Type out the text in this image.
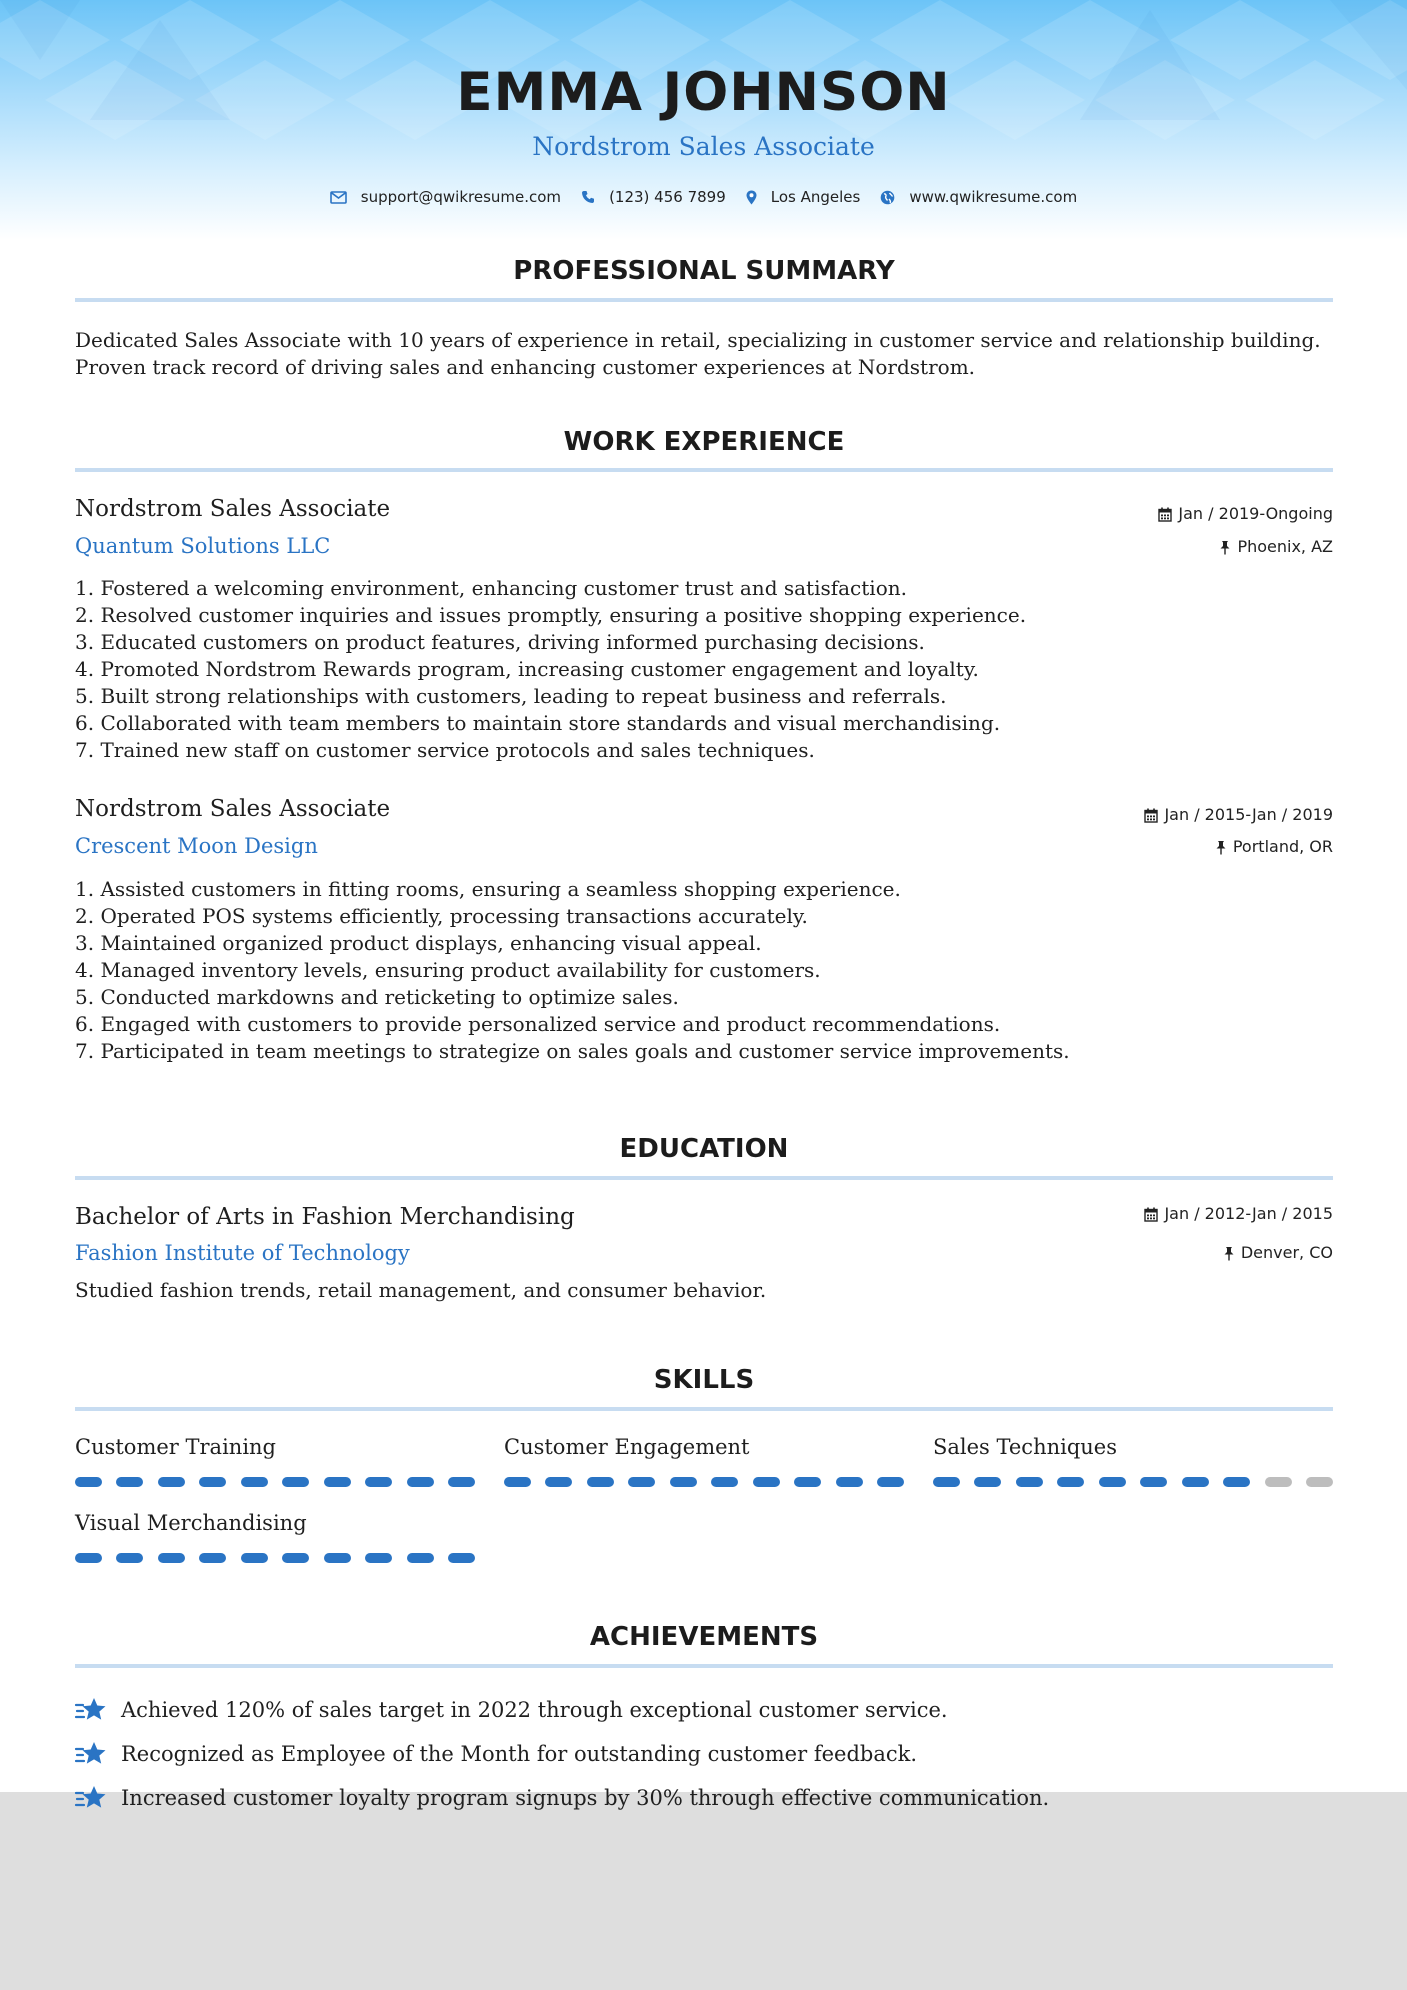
EMMA JOHNSON
Nordstrom Sales Associate
support@qwikresume.com	(123) 456 7899	Los Angeles	www.qwikresume.com
PROFESSIONAL SUMMARY
Dedicated Sales Associate with 10 years of experience in retail, specializing in customer service and relationship building. Proven track record of driving sales and enhancing customer experiences at Nordstrom.
WORK EXPERIENCE
Nordstrom Sales Associate	Jan / 2019-Ongoing
Quantum Solutions LLC	Phoenix, AZ
1. Fostered a welcoming environment, enhancing customer trust and satisfaction.
2. Resolved customer inquiries and issues promptly, ensuring a positive shopping experience.
3. Educated customers on product features, driving informed purchasing decisions.
4. Promoted Nordstrom Rewards program, increasing customer engagement and loyalty.
5. Built strong relationships with customers, leading to repeat business and referrals.
6. Collaborated with team members to maintain store standards and visual merchandising.
7. Trained new staff on customer service protocols and sales techniques.
Nordstrom Sales Associate	Jan / 2015-Jan / 2019
Crescent Moon Design	Portland, OR
1. Assisted customers in fitting rooms, ensuring a seamless shopping experience.
2. Operated POS systems efficiently, processing transactions accurately.
3. Maintained organized product displays, enhancing visual appeal.
4. Managed inventory levels, ensuring product availability for customers.
5. Conducted markdowns and reticketing to optimize sales.
6. Engaged with customers to provide personalized service and product recommendations.
7. Participated in team meetings to strategize on sales goals and customer service improvements.
EDUCATION
Bachelor of Arts in Fashion Merchandising	Jan / 2012-Jan / 2015
Fashion Institute of Technology	Denver, CO
Studied fashion trends, retail management, and consumer behavior.
SKILLS
Customer Training	Customer Engagement	Sales Techniques
Visual Merchandising
ACHIEVEMENTS
Achieved 120% of sales target in 2022 through exceptional customer service.
Recognized as Employee of the Month for outstanding customer feedback.
Increased customer loyalty program signups by 30% through effective communication.
